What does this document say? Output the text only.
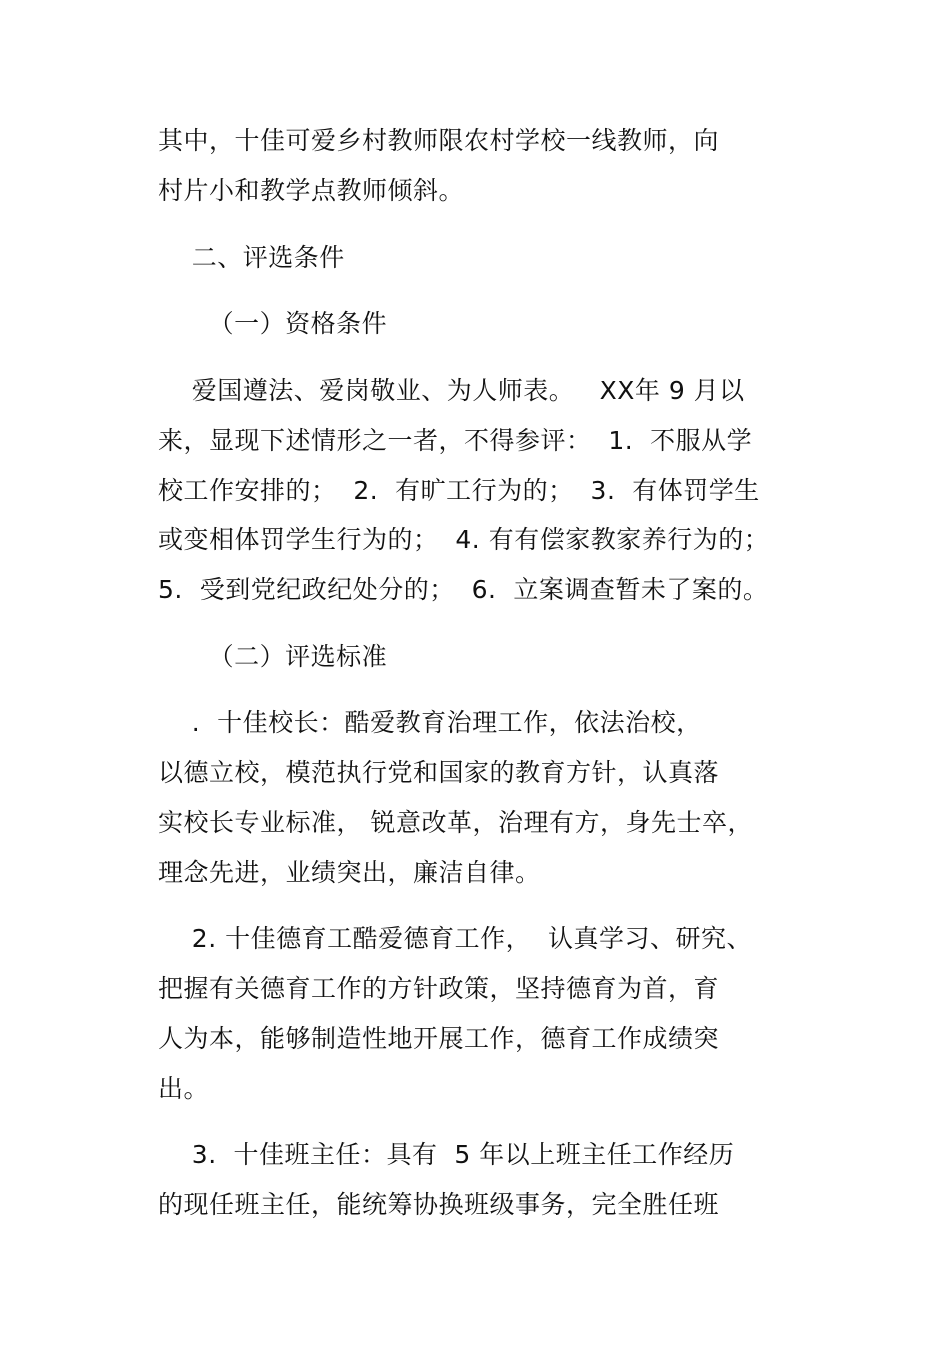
其中，十佳可爱乡村教师限农村学校一线教师，向
村片小和教学点教师倾斜。
二、评选条件
（一）资格条件
爱国遵法、爱岗敬业、为人师表。   XX年 9 月以
来，显现下述情形之一者，不得参评：  1.  不服从学
校工作安排的；  2.  有旷工行为的；  3.  有体罚学生
或变相体罚学生行为的；  4. 有有偿家教家养行为的；
5.  受到党纪政纪处分的；  6.  立案调查暂未了案的。
（二）评选标准
.  十佳校长：酷爱教育治理工作，依法治校，
以德立校，模范执行党和国家的教育方针，认真落
实校长专业标准， 锐意改革，治理有方，身先士卒，
理念先进，业绩突出，廉洁自律。
2. 十佳德育工酷爱德育工作，  认真学习、研究、
把握有关德育工作的方针政策，坚持德育为首，育
人为本，能够制造性地开展工作，德育工作成绩突
出。
3.  十佳班主任：具有  5 年以上班主任工作经历
的现任班主任，能统筹协换班级事务，完全胜任班
